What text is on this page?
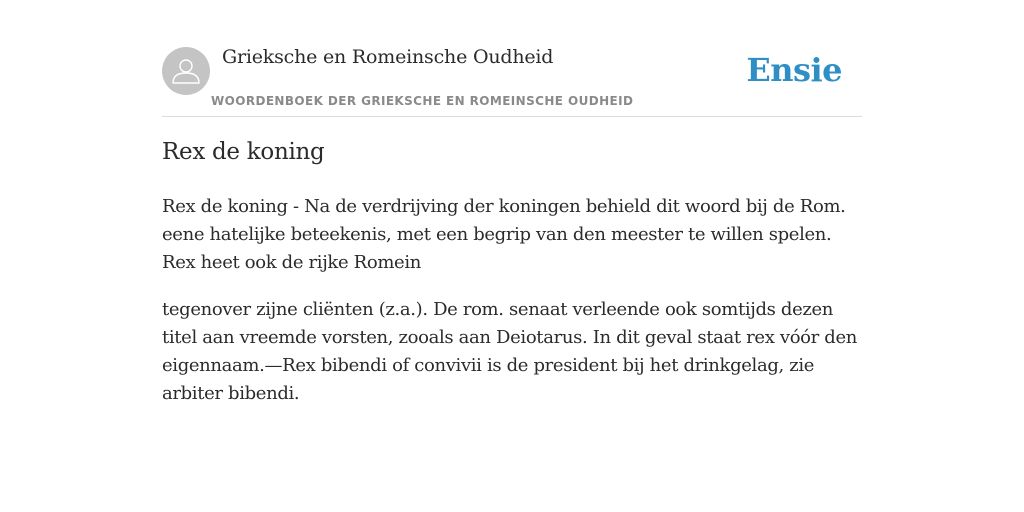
Grieksche en Romeinsche Oudheid
WOORDENBOEK DER GRIEKSCHE EN ROMEINSCHE OUDHEID
Ensie
Rex de koning

Rex de koning - Na de verdrijving der koningen behield dit woord bij de Rom. eene hatelijke beteekenis, met een begrip van den meester te willen spelen. Rex heet ook de rijke Romein

tegenover zijne cliënten (z.a.). De rom. senaat verleende ook somtijds dezen titel aan vreemde vorsten, zooals aan Deiotarus. In dit geval staat rex vóór den eigennaam.—Rex bibendi of convivii is de president bij het drinkgelag, zie arbiter bibendi.
